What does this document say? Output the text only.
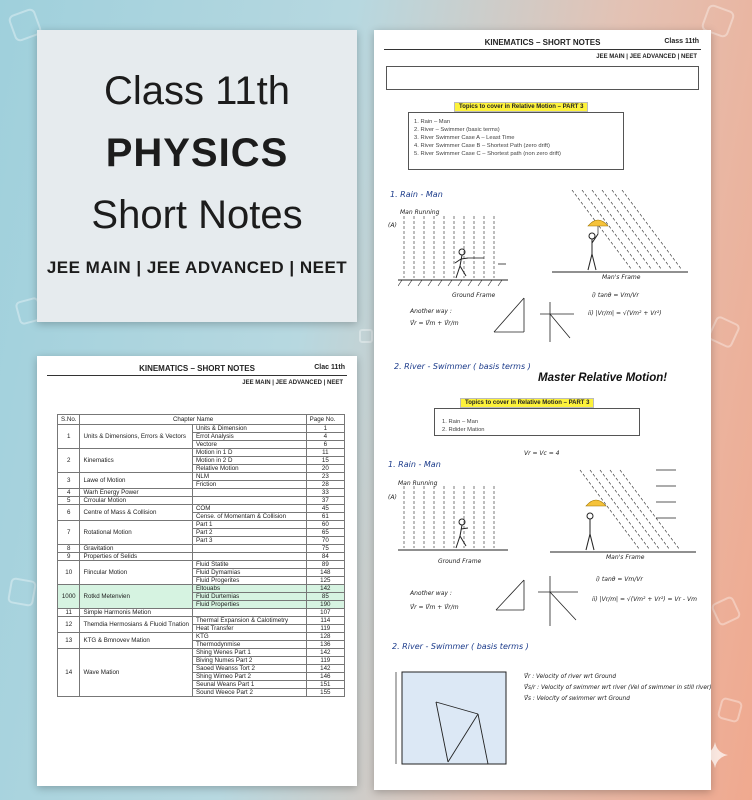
Class 11th
PHYSICS
Short Notes
JEE MAIN | JEE ADVANCED | NEET
KINEMATICS – SHORT NOTES	Clac 11th
JEE MAIN | JEE ADVANCED | NEET
S.No.	Chapter Name		Page No.
1	Units & Dimensions, Errors & Vectors	Units & Dimension	1
		Errot Analysis	4
		Vectore	6
2	Kinematics	Motion in 1 D	11
		Motion in 2 D	15
		Relative Motion	20
3	Lawe of Motion	NLM	23
		Friction	28
4	Warh Energy Power		33
5	Crroular Motion		37
6	Centre of Mass & Collision	COM	45
		Cense. of Momentam & Collision	61
7	Rotational Motion	Part 1	60
		Part 2	65
		Part 3	70
8	Gravitation		75
9	Properties of Selids		84
10	Flincular Motion	Fluid Statite	89
		Fluid Dymamias	148
		Fluid Progerites	125
1000	Rotkd Metenvien	Eltouabs	142
		Fluid Durtemias	85
		Fluid Properties	190
11	Simple Harmonis Metion		107
12	Themdia Hermosians & Fluoid Tnation	Thermal Expansion & Calotimetry	114
		Heat Transfer	119
13	KTG & Bmnovev Mation	KTG	128
		Thermodynmise	136
14	Wave Mation	Shing Wenes Part 1	142
		Biving Numes Part 2	119
		Saoed Weanss Tort 2	142
		Shing Wimeo Part 2	146
		Seunal Weans Part 1	151
		Sound Weece Part 2	155
KINEMATICS – SHORT NOTES	Class 11th
JEE MAIN | JEE ADVANCED | NEET
Topics to cover in Relative Motion – PART 3
1. Rain – Man
2. River – Swimmer (basic terms)
3. River Swimmer Case A – Least Time
4. River Swimmer Case B – Shortest Path (zero drift)
5. River Swimmer Case C – Shortest path (non zero drift)
1. Rain - Man
Man Running
(A)
Ground Frame
Man's Frame
Another way :
V⃗r = V⃗m + V⃗r/m
i) tanθ = Vm/Vr
ii) |Vr/m| = √(Vm² + Vr²)
2. River - Swimmer ( basis terms )
Master Relative Motion!
Topics to cover in Relative Motion – PART 3
1. Rain – Man
2. Rdider Mation
1. Rain - Man
Man Running
(A)
Vr = Vc = 4
Ground Frame
Man's Frame
Another way :
V⃗r = V⃗m + V⃗r/m
i) tanθ = Vm/Vr
ii) |Vr/m| = √(Vm² + Vr²) = Vr - Vm
2. River - Swimmer ( basis terms )
V⃗r : Velocity of river wrt Ground
V⃗s/r : Velocity of swimmer wrt river (Vel of swimmer in still river)
V⃗s : Velocity of swimmer wrt Ground
